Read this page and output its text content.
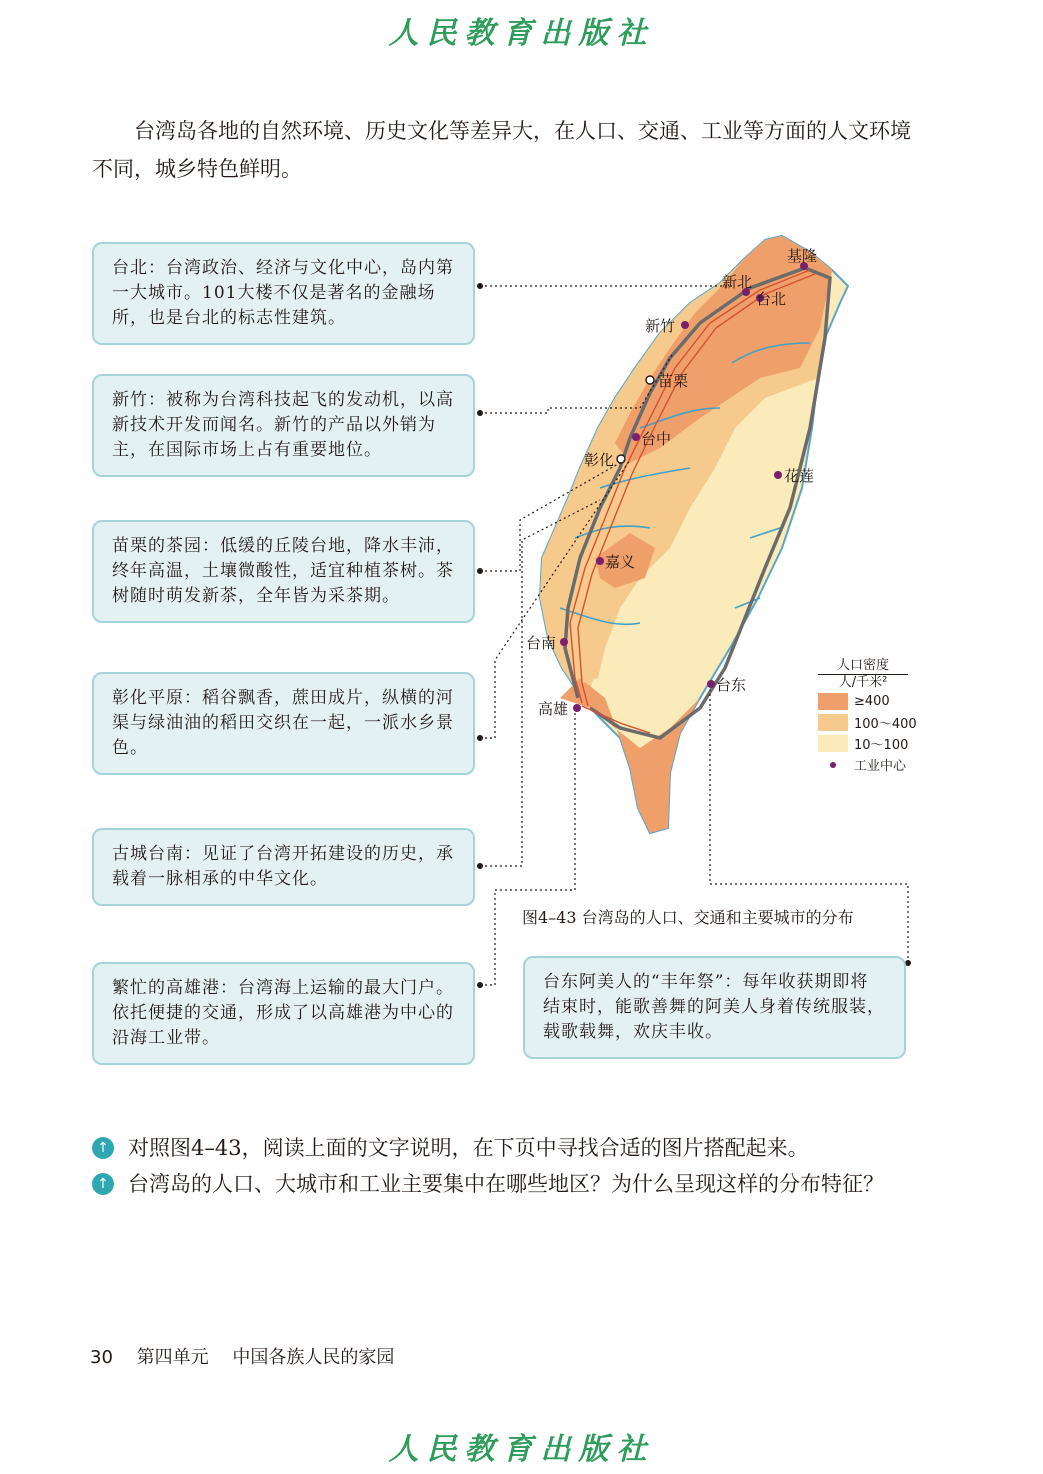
人民教育出版社

台湾岛各地的自然环境、历史文化等差异大，在人口、交通、工业等方面的人文环境不同，城乡特色鲜明。

基隆
新北
台北
新竹
苗栗
台中
彰化
花莲
嘉义
台南
高雄
台东
人口密度
人/千米²
≥400
100～400
10～100
工业中心

台北：台湾政治、经济与文化中心，岛内第一大城市。101大楼不仅是著名的金融场所，也是台北的标志性建筑。

新竹：被称为台湾科技起飞的发动机，以高新技术开发而闻名。新竹的产品以外销为主，在国际市场上占有重要地位。

苗栗的茶园：低缓的丘陵台地，降水丰沛，终年高温，土壤微酸性，适宜种植茶树。茶树随时萌发新茶，全年皆为采茶期。

彰化平原：稻谷飘香，蔗田成片，纵横的河渠与绿油油的稻田交织在一起，一派水乡景色。

古城台南：见证了台湾开拓建设的历史，承载着一脉相承的中华文化。

繁忙的高雄港：台湾海上运输的最大门户。依托便捷的交通，形成了以高雄港为中心的沿海工业带。

台东阿美人的“丰年祭”：每年收获期即将结束时，能歌善舞的阿美人身着传统服装，载歌载舞，欢庆丰收。

图4–43 台湾岛的人口、交通和主要城市的分布
↑ 对照图4–43，阅读上面的文字说明，在下页中寻找合适的图片搭配起来。
↑ 台湾岛的人口、大城市和工业主要集中在哪些地区？为什么呈现这样的分布特征？
30 第四单元 中国各族人民的家园
人民教育出版社
